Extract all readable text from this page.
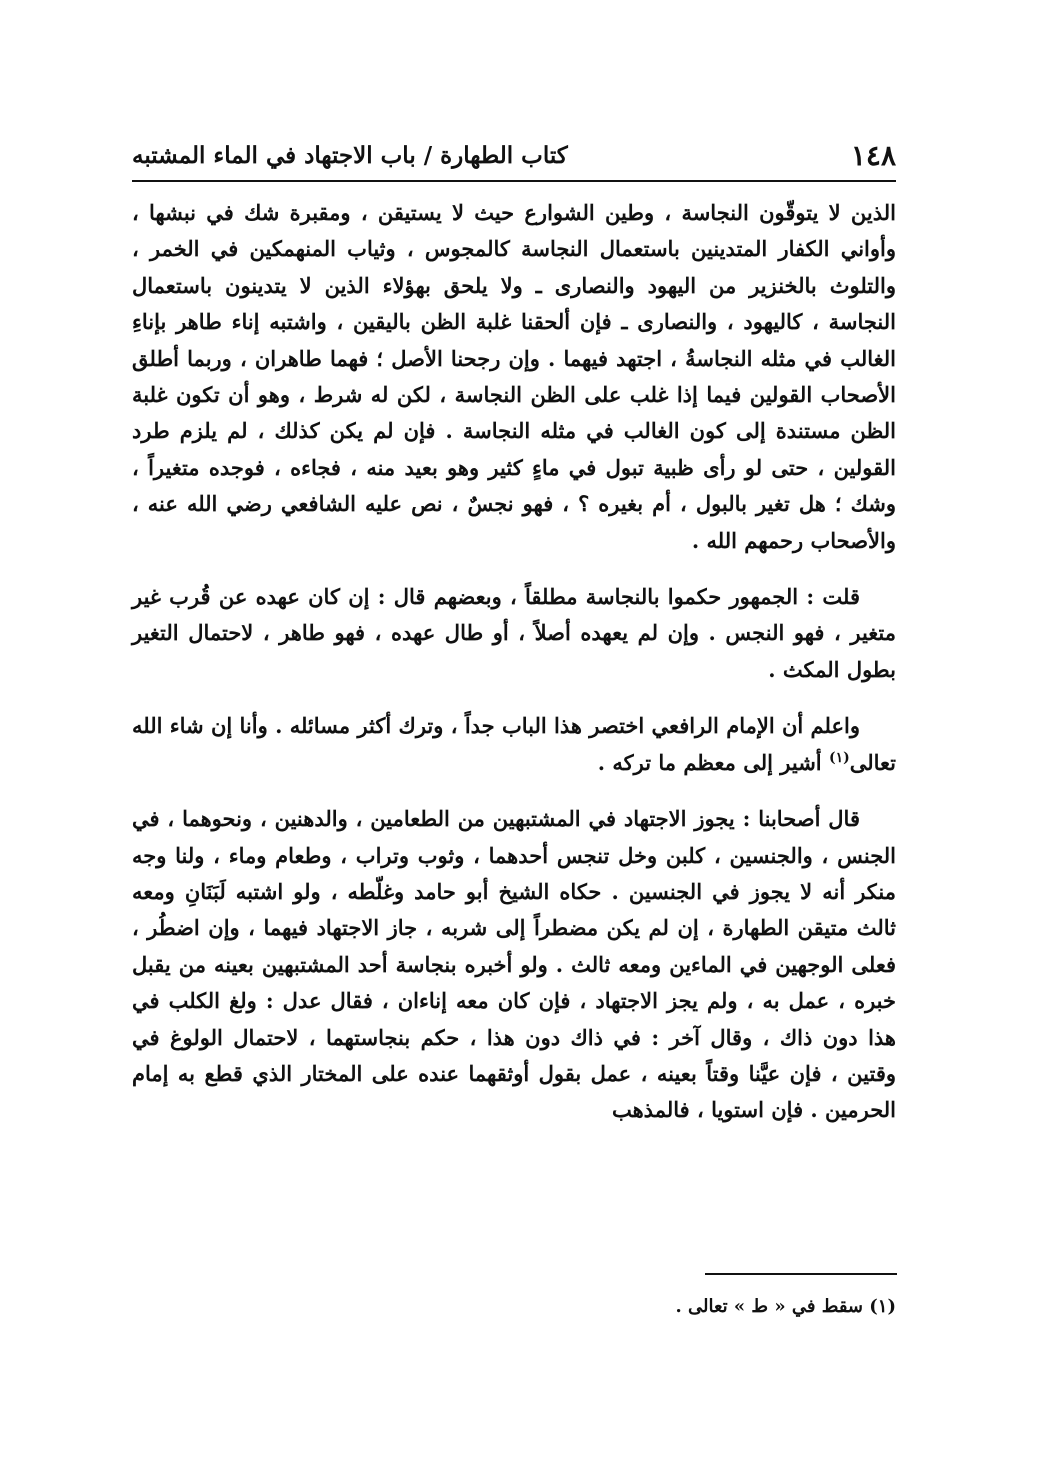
١٤٨
كتاب الطهارة / باب الاجتهاد في الماء المشتبه

الذين لا يتوقّون النجاسة ، وطين الشوارع حيث لا يستيقن ، ومقبرة شك في نبشها ، وأواني الكفار المتدينين باستعمال النجاسة كالمجوس ، وثياب المنهمكين في الخمر ، والتلوث بالخنزير من اليهود والنصارى ـ ولا يلحق بهؤلاء الذين لا يتدينون باستعمال النجاسة ، كاليهود ، والنصارى ـ فإن ألحقنا غلبة الظن باليقين ، واشتبه إناء طاهر بإناءِ الغالب في مثله النجاسةُ ، اجتهد فيهما . وإن رجحنا الأصل ؛ فهما طاهران ، وربما أطلق الأصحاب القولين فيما إذا غلب على الظن النجاسة ، لكن له شرط ، وهو أن تكون غلبة الظن مستندة إلى كون الغالب في مثله النجاسة . فإن لم يكن كذلك ، لم يلزم طرد القولين ، حتى لو رأى ظبية تبول في ماءٍ كثير وهو بعيد منه ، فجاءه ، فوجده متغيراً ، وشك ؛ هل تغير بالبول ، أم بغيره ؟ ، فهو نجسٌ ، نص عليه الشافعي رضي الله عنه ، والأصحاب رحمهم الله .

قلت : الجمهور حكموا بالنجاسة مطلقاً ، وبعضهم قال : إن كان عهده عن قُرب غير متغير ، فهو النجس . وإن لم يعهده أصلاً ، أو طال عهده ، فهو طاهر ، لاحتمال التغير بطول المكث .

واعلم أن الإمام الرافعي اختصر هذا الباب جداً ، وترك أكثر مسائله . وأنا إن شاء الله تعالى$^{(١)}$ أشير إلى معظم ما تركه .

قال أصحابنا : يجوز الاجتهاد في المشتبهين من الطعامين ، والدهنين ، ونحوهما ، في الجنس ، والجنسين ، كلبن وخل تنجس أحدهما ، وثوب وتراب ، وطعام وماء ، ولنا وجه منكر أنه لا يجوز في الجنسين . حكاه الشيخ أبو حامد وغلّطه ، ولو اشتبه لَبَنَانِ ومعه ثالث متيقن الطهارة ، إن لم يكن مضطراً إلى شربه ، جاز الاجتهاد فيهما ، وإن اضطُر ، فعلى الوجهين في الماءين ومعه ثالث . ولو أخبره بنجاسة أحد المشتبهين بعينه من يقبل خبره ، عمل به ، ولم يجز الاجتهاد ، فإن كان معه إناءان ، فقال عدل : ولغ الكلب في هذا دون ذاك ، وقال آخر : في ذاك دون هذا ، حكم بنجاستهما ، لاحتمال الولوغ في وقتين ، فإن عيَّنا وقتاً بعينه ، عمل بقول أوثقهما عنده على المختار الذي قطع به إمام الحرمين . فإن استويا ، فالمذهب

(١) سقط في « ط » تعالى .
